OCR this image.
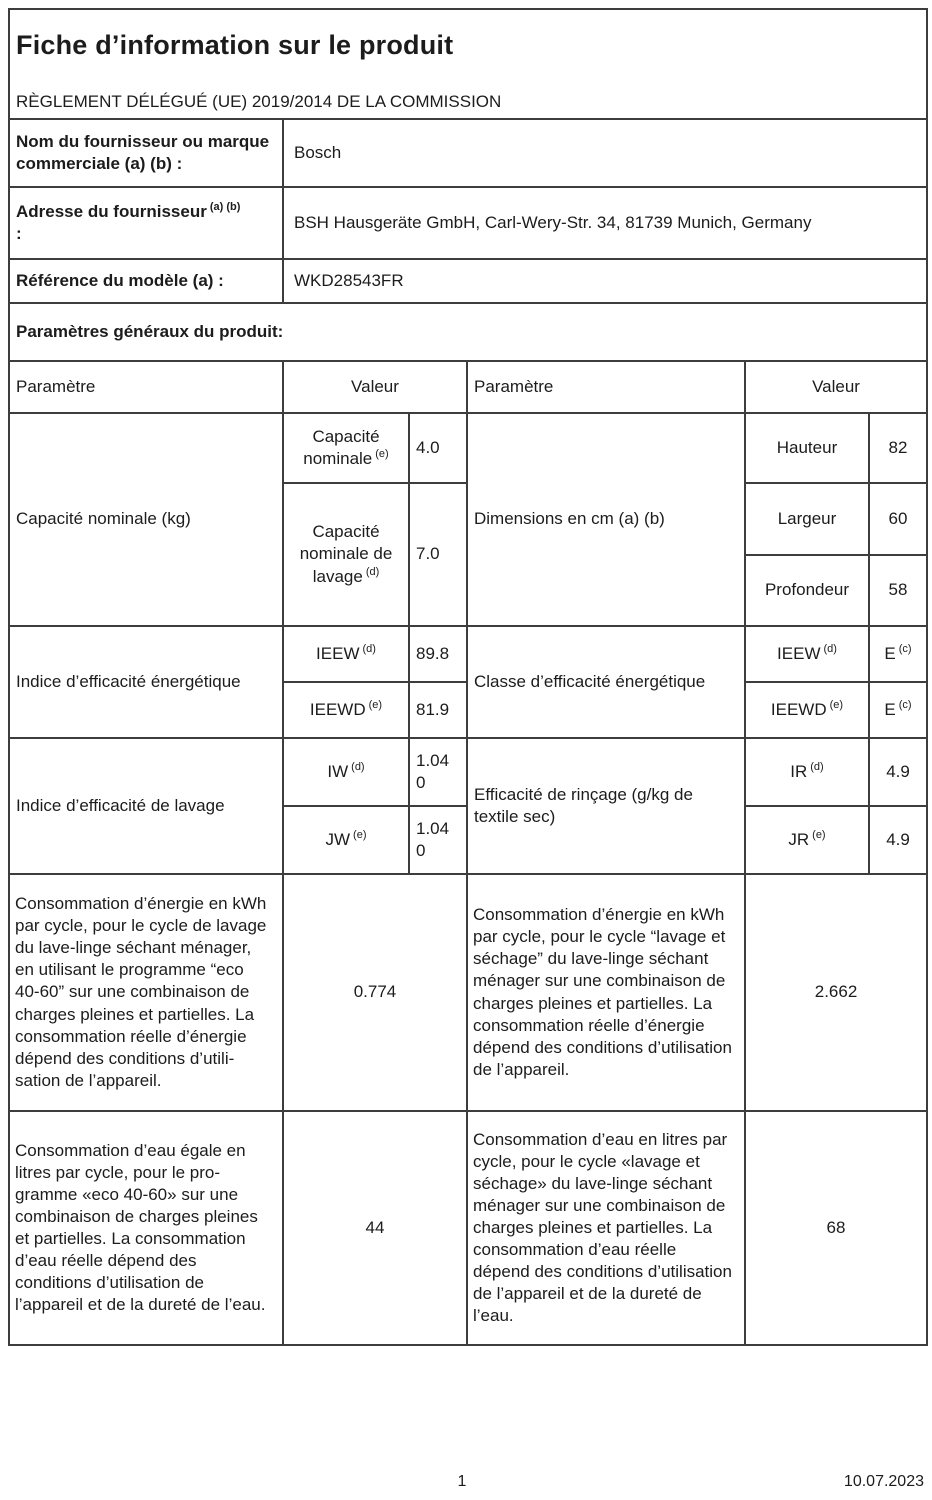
Fiche d’information sur le produit
RÈGLEMENT DÉLÉGUÉ (UE) 2019/2014 DE LA COMMISSION					

Nom du fournisseur ou marque commerciale (a) (b) :	Bosch				
Adresse du fournisseur $^{(a) (b)}$
:	BSH Hausgeräte GmbH, Carl-Wery-Str. 34, 81739 Munich, Germany				
Référence du modèle (a) :	WKD28543FR				
Paramètres généraux du produit:					
Paramètre	Valeur		Paramètre	Valeur	
Capacité nominale (kg)	Capacité nominale $^{(e)}$	4.0	Dimensions en cm (a) (b)	Hauteur	82
	Capacité nominale de lavage $^{(d)}$	7.0		Largeur	60
				Profondeur	58
Indice d’efficacité énergétique	IEEW $^{(d)}$	89.8	Classe d’efficacité énergétique	IEEW $^{(d)}$	E $^{(c)}$
	IEEWD $^{(e)}$	81.9		IEEWD $^{(e)}$	E $^{(c)}$
Indice d’efficacité de lavage	IW $^{(d)}$	1.040	Efficacité de rinçage (g/kg de textile sec)	IR $^{(d)}$	4.9
	JW $^{(e)}$	1.040		JR $^{(e)}$	4.9
Consommation d’énergie en kWh par cycle, pour le cycle de lavage du lave-linge séchant ménager, en utilisant le programme “eco 40-60” sur une combinaison de charges pleines et partielles. La consommation réelle d’énergie dépend des conditions d’utilisation de l’appareil.	0.774	Consommation d’énergie en kWh par cycle, pour le cycle “lavage et séchage” du lave-linge séchant ménager sur une combinaison de charges pleines et partielles. La consommation réelle d’énergie dépend des conditions d’utilisation de l’appareil.	2.662
Consommation d’eau égale en litres par cycle, pour le programme «eco 40-60» sur une combinaison de charges pleines et partielles. La consommation d’eau réelle dépend des conditions d’utilisation de l’appareil et de la dureté de l’eau.	44	Consommation d’eau en litres par cycle, pour le cycle «lavage et séchage» du lave-linge séchant ménager sur une combinaison de charges pleines et partielles. La consommation d’eau réelle dépend des conditions d’utilisation de l’appareil et de la dureté de l’eau.	68
1	10.07.2023
